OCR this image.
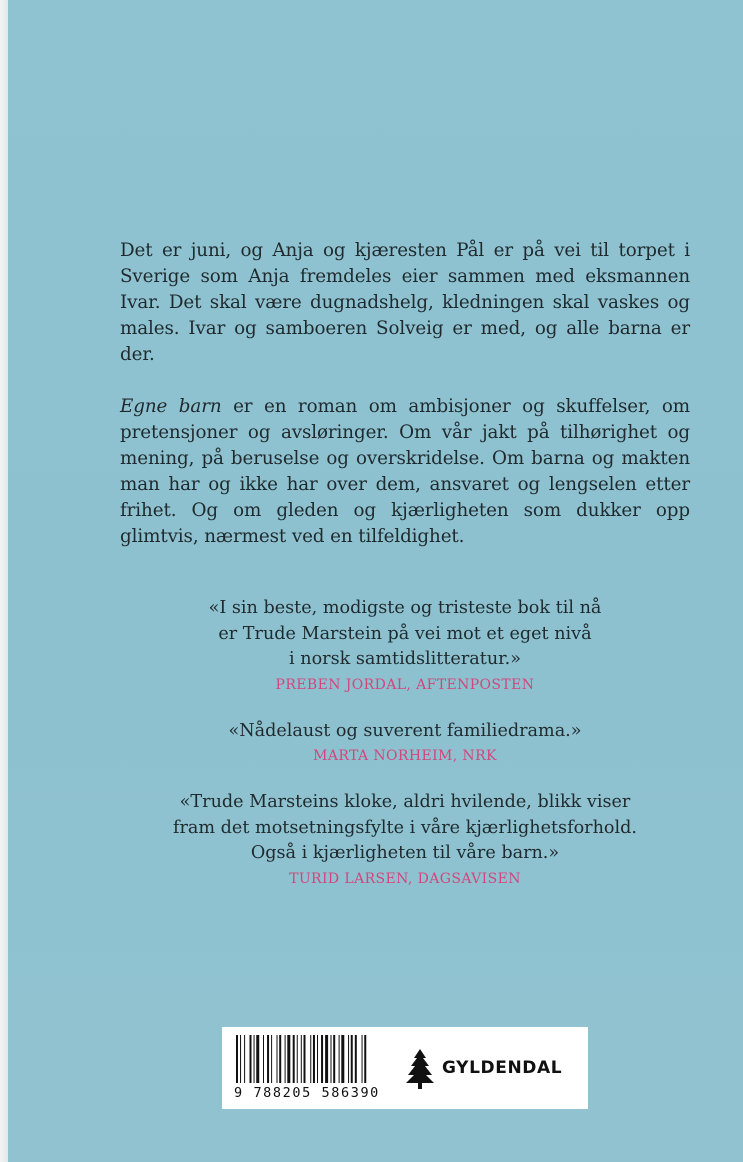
Det er juni, og Anja og kjæresten Pål er på vei til torpet i Sverige som Anja fremdeles eier sammen med eksmannen Ivar. Det skal være dugnadshelg, kledningen skal vaskes og males. Ivar og samboeren Solveig er med, og alle barna er der.

Egne barn er en roman om ambisjoner og skuffelser, om pretensjoner og avsløringer. Om vår jakt på tilhørighet og mening, på beruselse og overskridelse. Om barna og makten man har og ikke har over dem, ansvaret og lengselen etter frihet. Og om gleden og kjærligheten som dukker opp glimtvis, nærmest ved en tilfeldighet.

«I sin beste, modigste og tristeste bok til nå
er Trude Marstein på vei mot et eget nivå
i norsk samtidslitteratur.»
PREBEN JORDAL, AFTENPOSTEN
«Nådelaust og suverent familiedrama.»
MARTA NORHEIM, NRK
«Trude Marsteins kloke, aldri hvilende, blikk viser
fram det motsetningsfylte i våre kjærlighetsforhold.
Også i kjærligheten til våre barn.»
TURID LARSEN, DAGSAVISEN
9 788205 586390
GYLDENDAL
